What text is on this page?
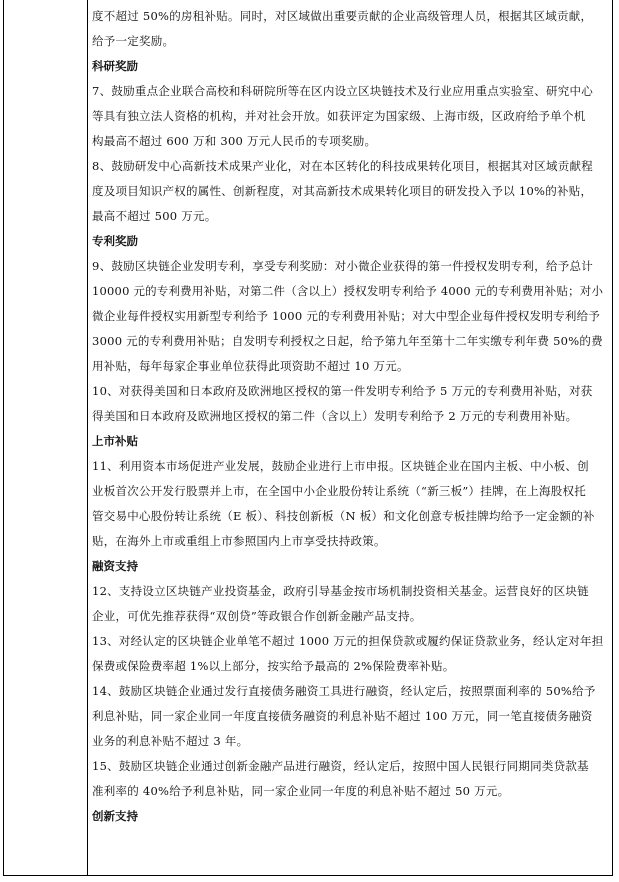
度不超过 50%的房租补贴。同时，对区域做出重要贡献的企业高级管理人员，根据其区域贡献，
给予一定奖励。
科研奖励
7、鼓励重点企业联合高校和科研院所等在区内设立区块链技术及行业应用重点实验室、研究中心
等具有独立法人资格的机构，并对社会开放。如获评定为国家级、上海市级，区政府给予单个机
构最高不超过 600 万和 300 万元人民币的专项奖励。
8、鼓励研发中心高新技术成果产业化，对在本区转化的科技成果转化项目，根据其对区域贡献程
度及项目知识产权的属性、创新程度，对其高新技术成果转化项目的研发投入予以 10%的补贴，
最高不超过 500 万元。
专利奖励
9、鼓励区块链企业发明专利，享受专利奖励：对小微企业获得的第一件授权发明专利，给予总计
10000 元的专利费用补贴，对第二件（含以上）授权发明专利给予 4000 元的专利费用补贴；对小
微企业每件授权实用新型专利给予 1000 元的专利费用补贴；对大中型企业每件授权发明专利给予
3000 元的专利费用补贴；自发明专利授权之日起，给予第九年至第十二年实缴专利年费 50%的费
用补贴，每年每家企事业单位获得此项资助不超过 10 万元。
10、对获得美国和日本政府及欧洲地区授权的第一件发明专利给予 5 万元的专利费用补贴，对获
得美国和日本政府及欧洲地区授权的第二件（含以上）发明专利给予 2 万元的专利费用补贴。
上市补贴
11、利用资本市场促进产业发展，鼓励企业进行上市申报。区块链企业在国内主板、中小板、创
业板首次公开发行股票并上市，在全国中小企业股份转让系统（“新三板”）挂牌，在上海股权托
管交易中心股份转让系统（E 板）、科技创新板（N 板）和文化创意专板挂牌均给予一定金额的补
贴，在海外上市或重组上市参照国内上市享受扶持政策。
融资支持
12、支持设立区块链产业投资基金，政府引导基金按市场机制投资相关基金。运营良好的区块链
企业，可优先推荐获得“双创贷”等政银合作创新金融产品支持。
13、对经认定的区块链企业单笔不超过 1000 万元的担保贷款或履约保证贷款业务，经认定对年担
保费或保险费率超 1%以上部分，按实给予最高的 2%保险费率补贴。
14、鼓励区块链企业通过发行直接债务融资工具进行融资，经认定后，按照票面利率的 50%给予
利息补贴，同一家企业同一年度直接债务融资的利息补贴不超过 100 万元，同一笔直接债务融资
业务的利息补贴不超过 3 年。
15、鼓励区块链企业通过创新金融产品进行融资，经认定后，按照中国人民银行同期同类贷款基
准利率的 40%给予利息补贴，同一家企业同一年度的利息补贴不超过 50 万元。
创新支持
